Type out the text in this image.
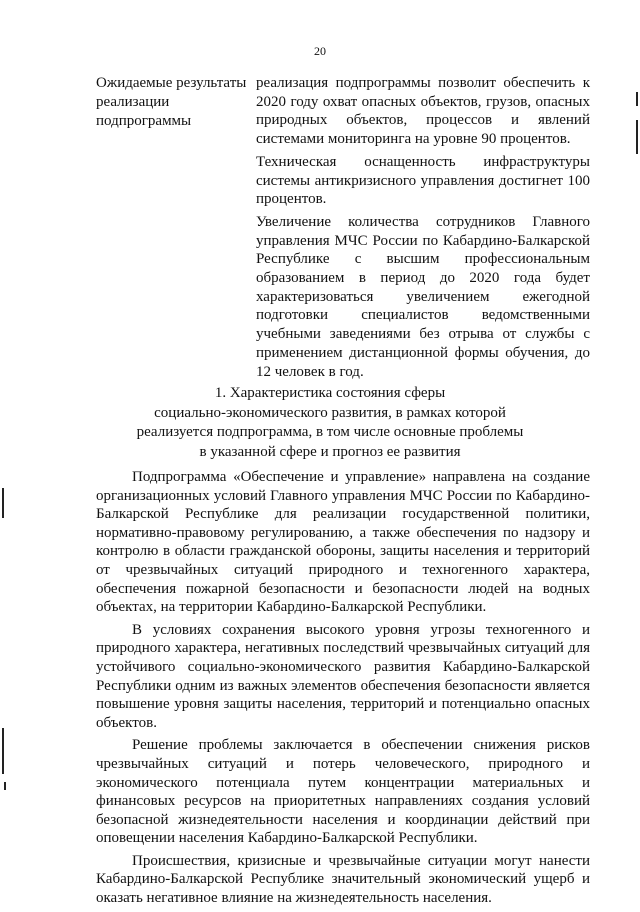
20
Ожидаемые результаты реализации подпрограммы

реализация подпрограммы позволит обеспечить к 2020 году охват опасных объектов, грузов, опасных природных объектов, процессов и явлений системами мониторинга на уровне 90 процентов.

Техническая оснащенность инфраструктуры системы антикризисного управления достигнет 100 процентов.

Увеличение количества сотрудников Главного управления МЧС России по Кабардино-Балкарской Республике с высшим профессиональным образованием в период до 2020 года будет характеризоваться увеличением ежегодной подготовки специалистов ведомственными учебными заведениями без отрыва от службы с применением дистанционной формы обучения, до 12 человек в год.

1. Характеристика состояния сферы
социально-экономического развития, в рамках которой
реализуется подпрограмма, в том числе основные проблемы
в указанной сфере и прогноз ее развития

Подпрограмма «Обеспечение и управление» направлена на создание организационных условий Главного управления МЧС России по Кабардино-Балкарской Республике для реализации государственной политики, нормативно-правовому регулированию, а также обеспечения по надзору и контролю в области гражданской обороны, защиты населения и территорий от чрезвычайных ситуаций природного и техногенного характера, обеспечения пожарной безопасности и безопасности людей на водных объектах, на территории Кабардино-Балкарской Республики.

В условиях сохранения высокого уровня угрозы техногенного и природного характера, негативных последствий чрезвычайных ситуаций для устойчивого социально-экономического развития Кабардино-Балкарской Республики одним из важных элементов обеспечения безопасности является повышение уровня защиты населения, территорий и потенциально опасных объектов.

Решение проблемы заключается в обеспечении снижения рисков чрезвычайных ситуаций и потерь человеческого, природного и экономического потенциала путем концентрации материальных и финансовых ресурсов на приоритетных направлениях создания условий безопасной жизнедеятельности населения и координации действий при оповещении населения Кабардино-Балкарской Республики.

Происшествия, кризисные и чрезвычайные ситуации могут нанести Кабардино-Балкарской Республике значительный экономический ущерб и оказать негативное влияние на жизнедеятельность населения.
